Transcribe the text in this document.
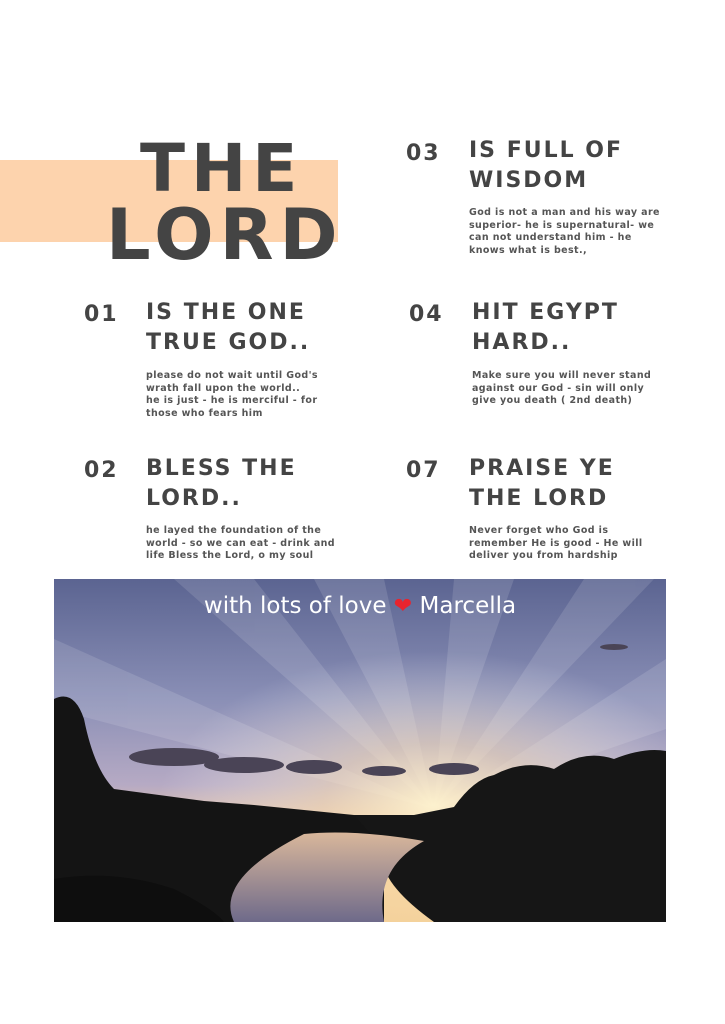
THE
LORD
01 IS THE ONE
TRUE GOD..
please do not wait until God's
wrath fall upon the world..
he is just - he is merciful - for
those who fears him
02 BLESS THE
LORD..
he layed the foundation of the
world - so we can eat - drink and
life Bless the Lord, o my soul
03 IS FULL OF
WISDOM
God is not a man and his way are
superior- he is supernatural- we
can not understand him - he
knows what is best.,
04 HIT EGYPT
HARD..
Make sure you will never stand
against our God - sin will only
give you death ( 2nd death)
07 PRAISE YE
THE LORD
Never forget who God is
remember He is good - He will
deliver you from hardship
with lots of love ❤ Marcella
